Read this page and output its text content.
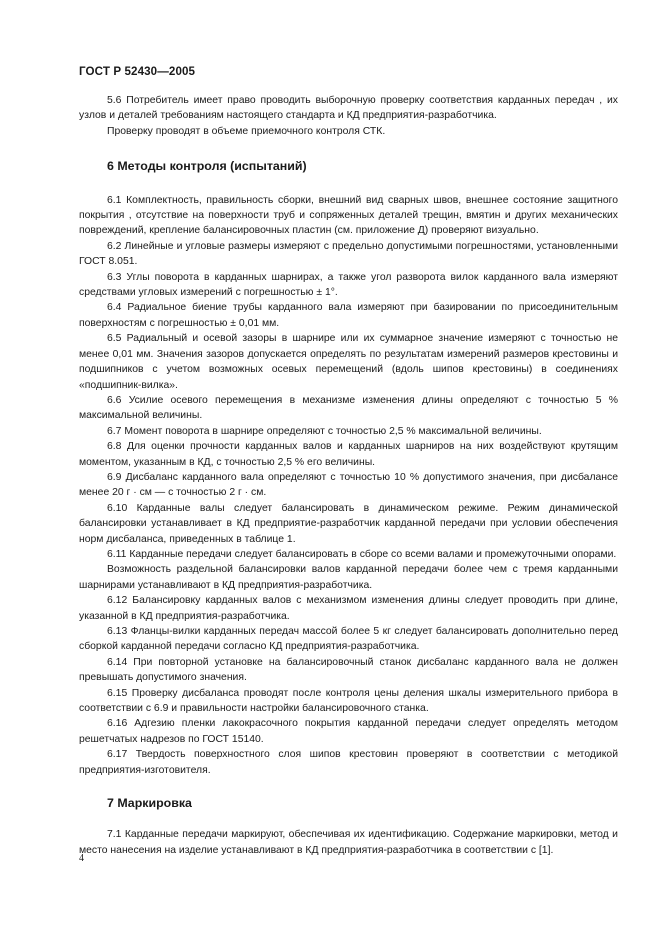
ГОСТ Р 52430—2005

5.6 Потребитель имеет право проводить выборочную проверку соответствия карданных передач , их узлов и деталей требованиям настоящего стандарта и КД предприятия-разработчика.

Проверку проводят в объеме приемочного контроля СТК.

6 Методы контроля (испытаний)

6.1 Комплектность, правильность сборки, внешний вид сварных швов, внешнее состояние защитного покрытия , отсутствие на поверхности труб и сопряженных деталей трещин, вмятин и других механических повреждений, крепление балансировочных пластин (см. приложение Д) проверяют визуально.

6.2 Линейные и угловые размеры измеряют с предельно допустимыми погрешностями, установленными ГОСТ 8.051.

6.3 Углы поворота в карданных шарнирах, а также угол разворота вилок карданного вала измеряют средствами угловых измерений с погрешностью ± 1°.

6.4 Радиальное биение трубы карданного вала измеряют при базировании по присоединительным поверхностям с погрешностью ± 0,01 мм.

6.5 Радиальный и осевой зазоры в шарнире или их суммарное значение измеряют с точностью не менее 0,01 мм. Значения зазоров допускается определять по результатам измерений размеров крестовины и подшипников с учетом возможных осевых перемещений (вдоль шипов крестовины) в соединениях «подшипник-вилка».

6.6 Усилие осевого перемещения в механизме изменения длины определяют с точностью 5 % максимальной величины.

6.7 Момент поворота в шарнире определяют с точностью 2,5 % максимальной величины.

6.8 Для оценки прочности карданных валов и карданных шарниров на них воздействуют крутящим моментом, указанным в КД, с точностью 2,5 % его величины.

6.9 Дисбаланс карданного вала определяют с точностью 10 % допустимого значения, при дисбалансе менее 20 г · см — с точностью 2 г · см.

6.10 Карданные валы следует балансировать в динамическом режиме. Режим динамической балансировки устанавливает в КД предприятие-разработчик карданной передачи при условии обеспечения норм дисбаланса, приведенных в таблице 1.

6.11 Карданные передачи следует балансировать в сборе со всеми валами и промежуточными опорами.

Возможность раздельной балансировки валов карданной передачи более чем с тремя карданными шарнирами устанавливают в КД предприятия-разработчика.

6.12 Балансировку карданных валов с механизмом изменения длины следует проводить при длине, указанной в КД предприятия-разработчика.

6.13 Фланцы-вилки карданных передач массой более 5 кг следует балансировать дополнительно перед сборкой карданной передачи согласно КД предприятия-разработчика.

6.14 При повторной установке на балансировочный станок дисбаланс карданного вала не должен превышать допустимого значения.

6.15 Проверку дисбаланса проводят после контроля цены деления шкалы измерительного прибора в соответствии с 6.9 и правильности настройки балансировочного станка.

6.16 Адгезию пленки лакокрасочного покрытия карданной передачи следует определять методом решетчатых надрезов по ГОСТ 15140.

6.17 Твердость поверхностного слоя шипов крестовин проверяют в соответствии с методикой предприятия-изготовителя.

7 Маркировка

7.1 Карданные передачи маркируют, обеспечивая их идентификацию. Содержание маркировки, метод и место нанесения на изделие устанавливают в КД предприятия-разработчика в соответствии с [1].

4
